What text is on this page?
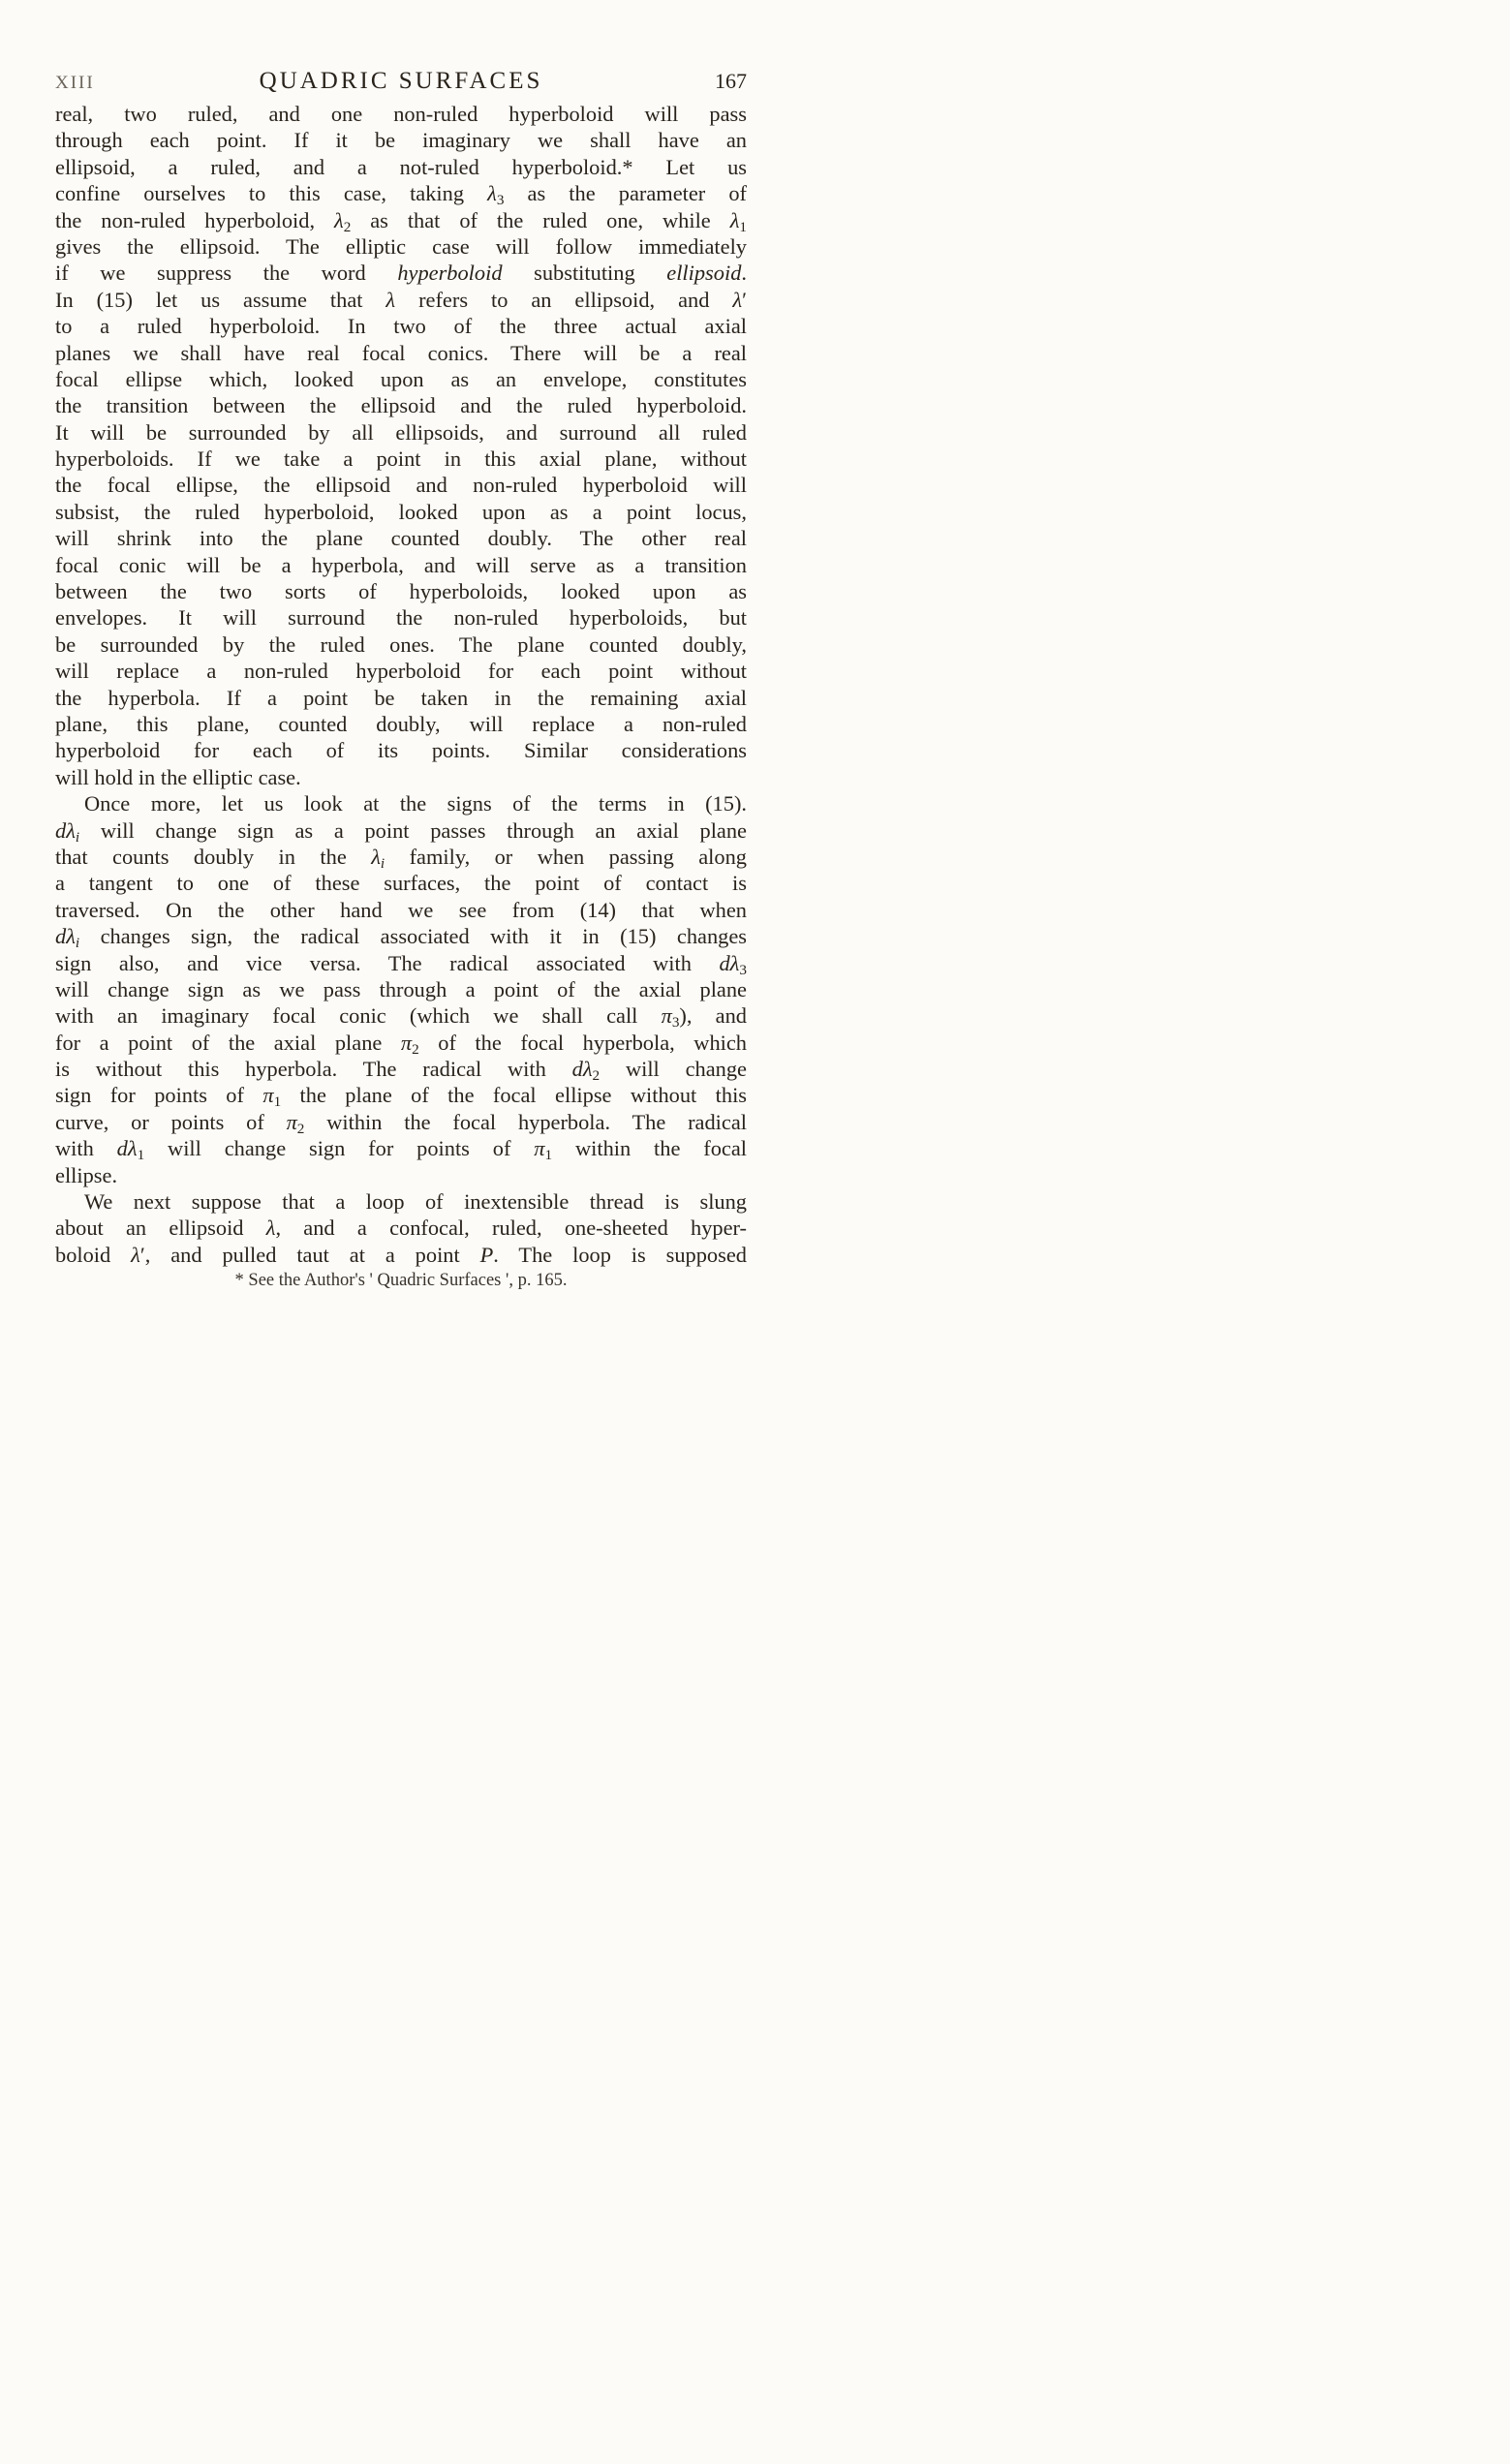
XIII	QUADRIC SURFACES	167
real, two ruled, and one non-ruled hyperboloid will pass
through each point. If it be imaginary we shall have an
ellipsoid, a ruled, and a not-ruled hyperboloid.* Let us
confine ourselves to this case, taking $\lambda_3$ as the parameter of
the non-ruled hyperboloid, $\lambda_2$ as that of the ruled one, while $\lambda_1$
gives the ellipsoid. The elliptic case will follow immediately
if we suppress the word hyperboloid substituting ellipsoid.
In (15) let us assume that λ refers to an ellipsoid, and λ′
to a ruled hyperboloid. In two of the three actual axial
planes we shall have real focal conics. There will be a real
focal ellipse which, looked upon as an envelope, constitutes
the transition between the ellipsoid and the ruled hyperboloid.
It will be surrounded by all ellipsoids, and surround all ruled
hyperboloids. If we take a point in this axial plane, without
the focal ellipse, the ellipsoid and non-ruled hyperboloid will
subsist, the ruled hyperboloid, looked upon as a point locus,
will shrink into the plane counted doubly. The other real
focal conic will be a hyperbola, and will serve as a transition
between the two sorts of hyperboloids, looked upon as
envelopes. It will surround the non-ruled hyperboloids, but
be surrounded by the ruled ones. The plane counted doubly,
will replace a non-ruled hyperboloid for each point without
the hyperbola. If a point be taken in the remaining axial
plane, this plane, counted doubly, will replace a non-ruled
hyperboloid for each of its points. Similar considerations
will hold in the elliptic case.
Once more, let us look at the signs of the terms in (15).
$d\lambda_i$ will change sign as a point passes through an axial plane
that counts doubly in the $\lambda_i$ family, or when passing along
a tangent to one of these surfaces, the point of contact is
traversed. On the other hand we see from (14) that when
$d\lambda_i$ changes sign, the radical associated with it in (15) changes
sign also, and vice versa. The radical associated with $d\lambda_3$
will change sign as we pass through a point of the axial plane
with an imaginary focal conic (which we shall call $\pi_3$), and
for a point of the axial plane $\pi_2$ of the focal hyperbola, which
is without this hyperbola. The radical with $d\lambda_2$ will change
sign for points of $\pi_1$ the plane of the focal ellipse without this
curve, or points of $\pi_2$ within the focal hyperbola. The radical
with $d\lambda_1$ will change sign for points of $\pi_1$ within the focal
ellipse.
We next suppose that a loop of inextensible thread is slung
about an ellipsoid λ, and a confocal, ruled, one-sheeted hyper-
boloid λ′, and pulled taut at a point P. The loop is supposed
* See the Author's ' Quadric Surfaces ', p. 165.
